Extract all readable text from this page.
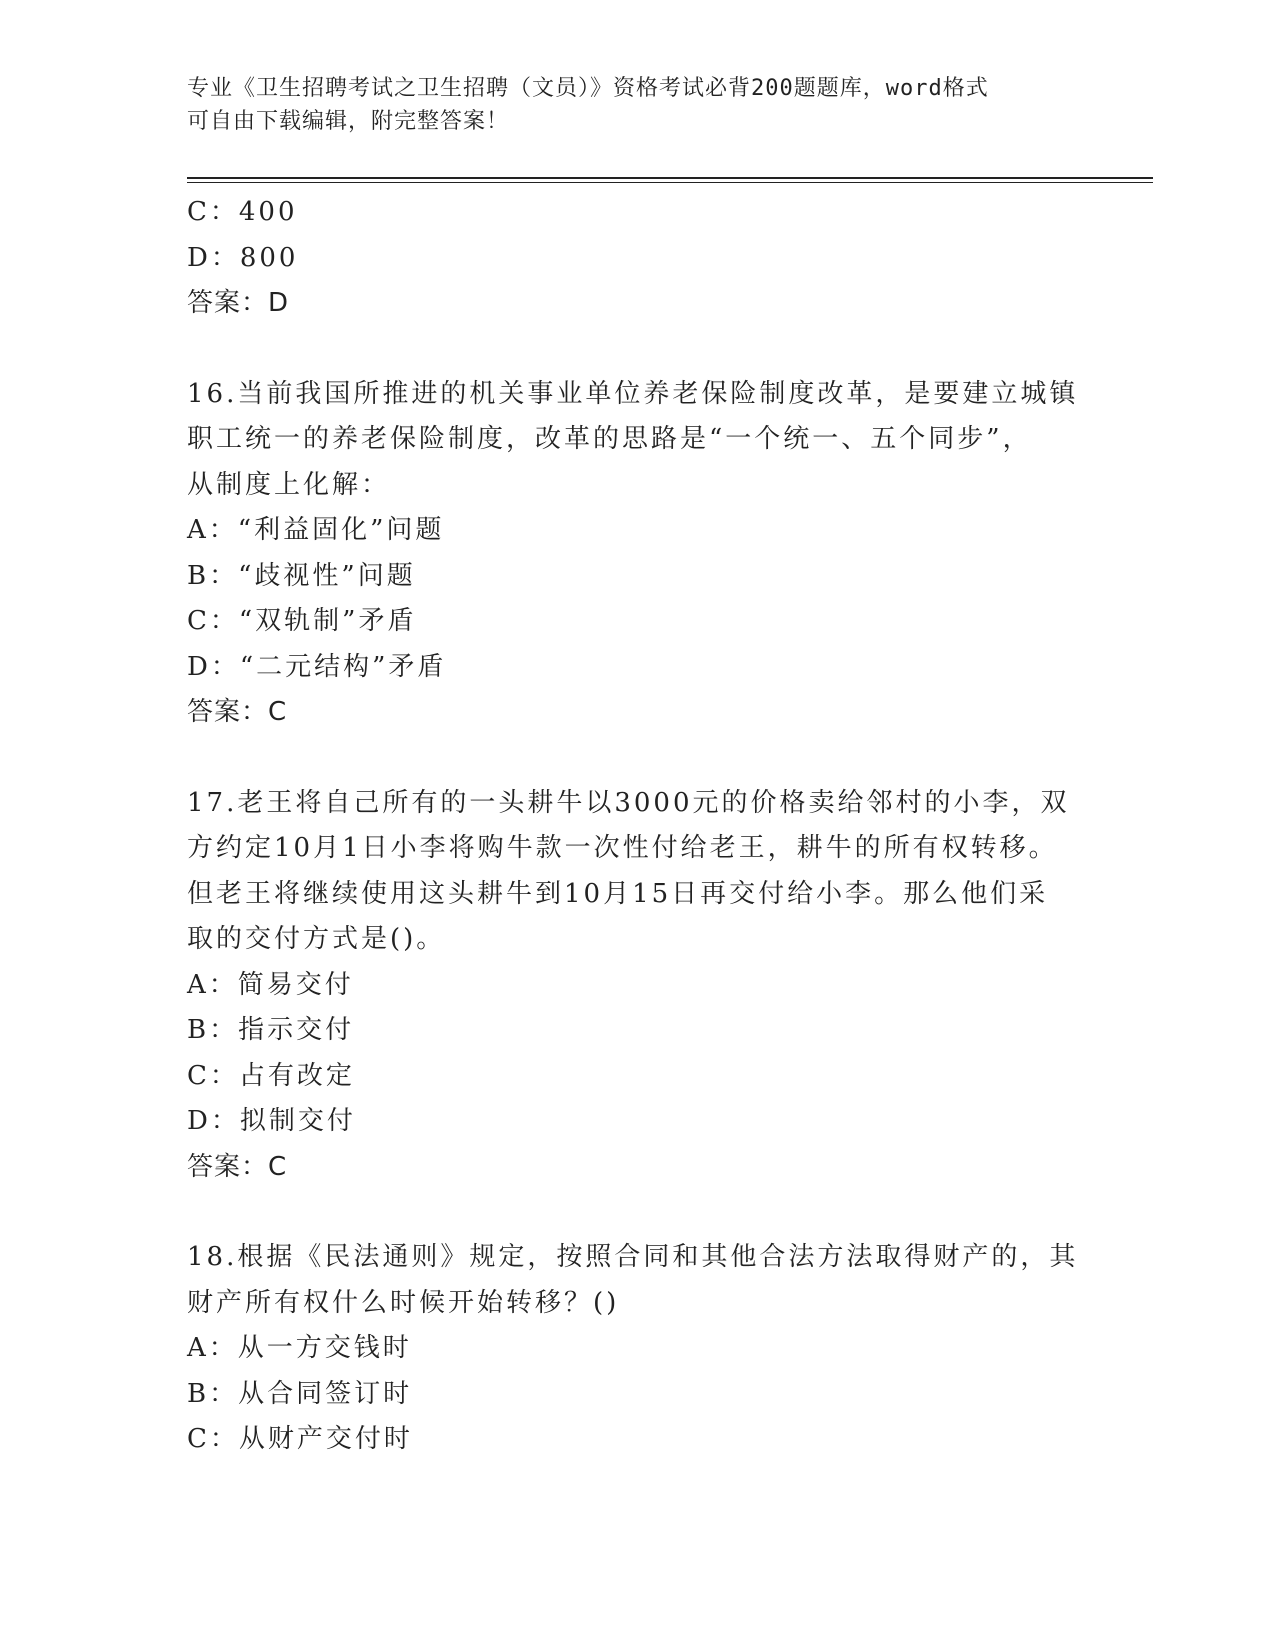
专业《卫生招聘考试之卫生招聘（文员）》资格考试必背200题题库，word格式
可自由下载编辑，附完整答案！
C：400
D：800
答案：D
16.当前我国所推进的机关事业单位养老保险制度改革，是要建立城镇
职工统一的养老保险制度，改革的思路是“一个统一、五个同步”，
从制度上化解：
A：“利益固化”问题
B：“歧视性”问题
C：“双轨制”矛盾
D：“二元结构”矛盾
答案：C
17.老王将自己所有的一头耕牛以3000元的价格卖给邻村的小李，双
方约定10月1日小李将购牛款一次性付给老王，耕牛的所有权转移。
但老王将继续使用这头耕牛到10月15日再交付给小李。那么他们采
取的交付方式是()。
A：简易交付
B：指示交付
C：占有改定
D：拟制交付
答案：C
18.根据《民法通则》规定，按照合同和其他合法方法取得财产的，其
财产所有权什么时候开始转移？()
A：从一方交钱时
B：从合同签订时
C：从财产交付时
